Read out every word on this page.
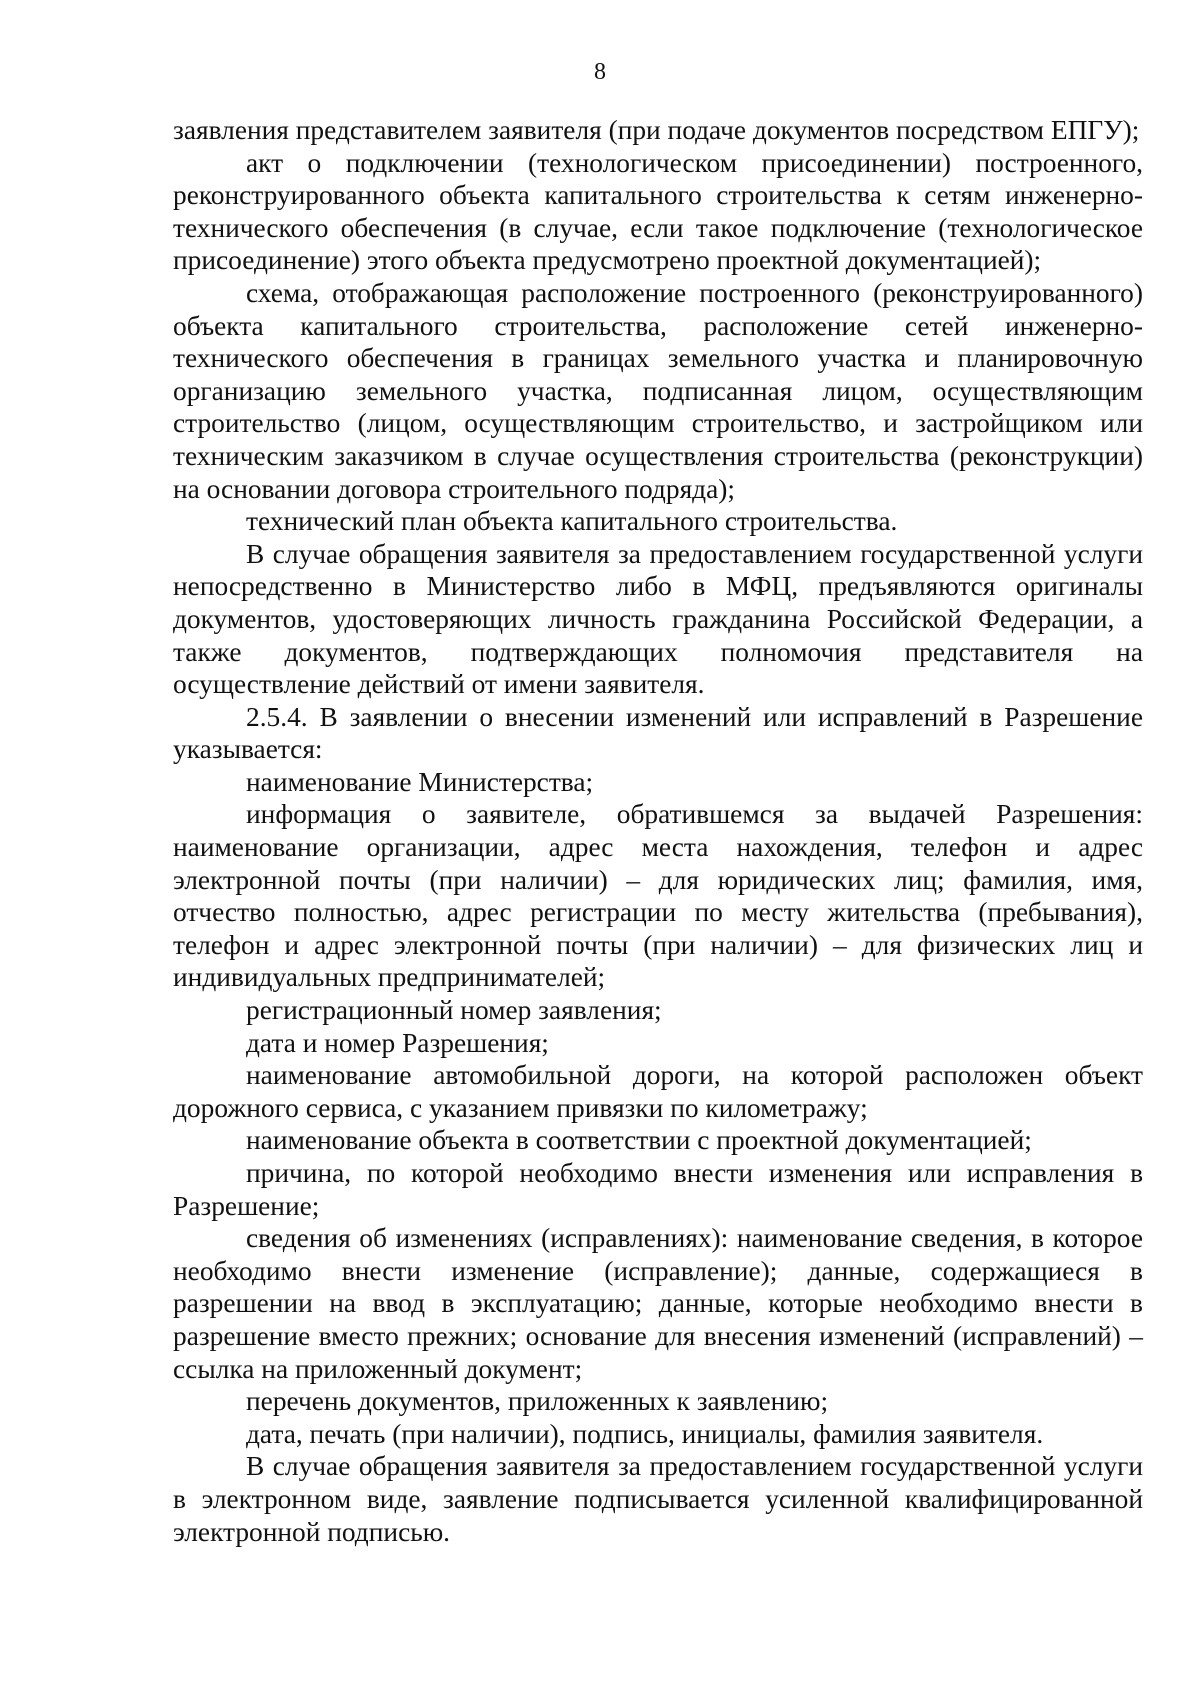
8

заявления представителем заявителя (при подаче документов посредством ЕПГУ);

акт о подключении (технологическом присоединении) построенного, реконструированного объекта капитального строительства к сетям инженерно-технического обеспечения (в случае, если такое подключение (технологическое присоединение) этого объекта предусмотрено проектной документацией);

схема, отображающая расположение построенного (реконструированного) объекта капитального строительства, расположение сетей инженерно-технического обеспечения в границах земельного участка и планировочную организацию земельного участка, подписанная лицом, осуществляющим строительство (лицом, осуществляющим строительство, и застройщиком или техническим заказчиком в случае осуществления строительства (реконструкции) на основании договора строительного подряда);

технический план объекта капитального строительства.

В случае обращения заявителя за предоставлением государственной услуги непосредственно в Министерство либо в МФЦ, предъявляются оригиналы документов, удостоверяющих личность гражданина Российской Федерации, а также документов, подтверждающих полномочия представителя на осуществление действий от имени заявителя.

2.5.4. В заявлении о внесении изменений или исправлений в Разрешение указывается:

наименование Министерства;

информация о заявителе, обратившемся за выдачей Разрешения: наименование организации, адрес места нахождения, телефон и адрес электронной почты (при наличии) – для юридических лиц; фамилия, имя, отчество полностью, адрес регистрации по месту жительства (пребывания), телефон и адрес электронной почты (при наличии) – для физических лиц и индивидуальных предпринимателей;

регистрационный номер заявления;

дата и номер Разрешения;

наименование автомобильной дороги, на которой расположен объект дорожного сервиса, с указанием привязки по километражу;

наименование объекта в соответствии с проектной документацией;

причина, по которой необходимо внести изменения или исправления в Разрешение;

сведения об изменениях (исправлениях): наименование сведения, в которое необходимо внести изменение (исправление); данные, содержащиеся в разрешении на ввод в эксплуатацию; данные, которые необходимо внести в разрешение вместо прежних; основание для внесения изменений (исправлений) – ссылка на приложенный документ;

перечень документов, приложенных к заявлению;

дата, печать (при наличии), подпись, инициалы, фамилия заявителя.

В случае обращения заявителя за предоставлением государственной услуги в электронном виде, заявление подписывается усиленной квалифицированной электронной подписью.
